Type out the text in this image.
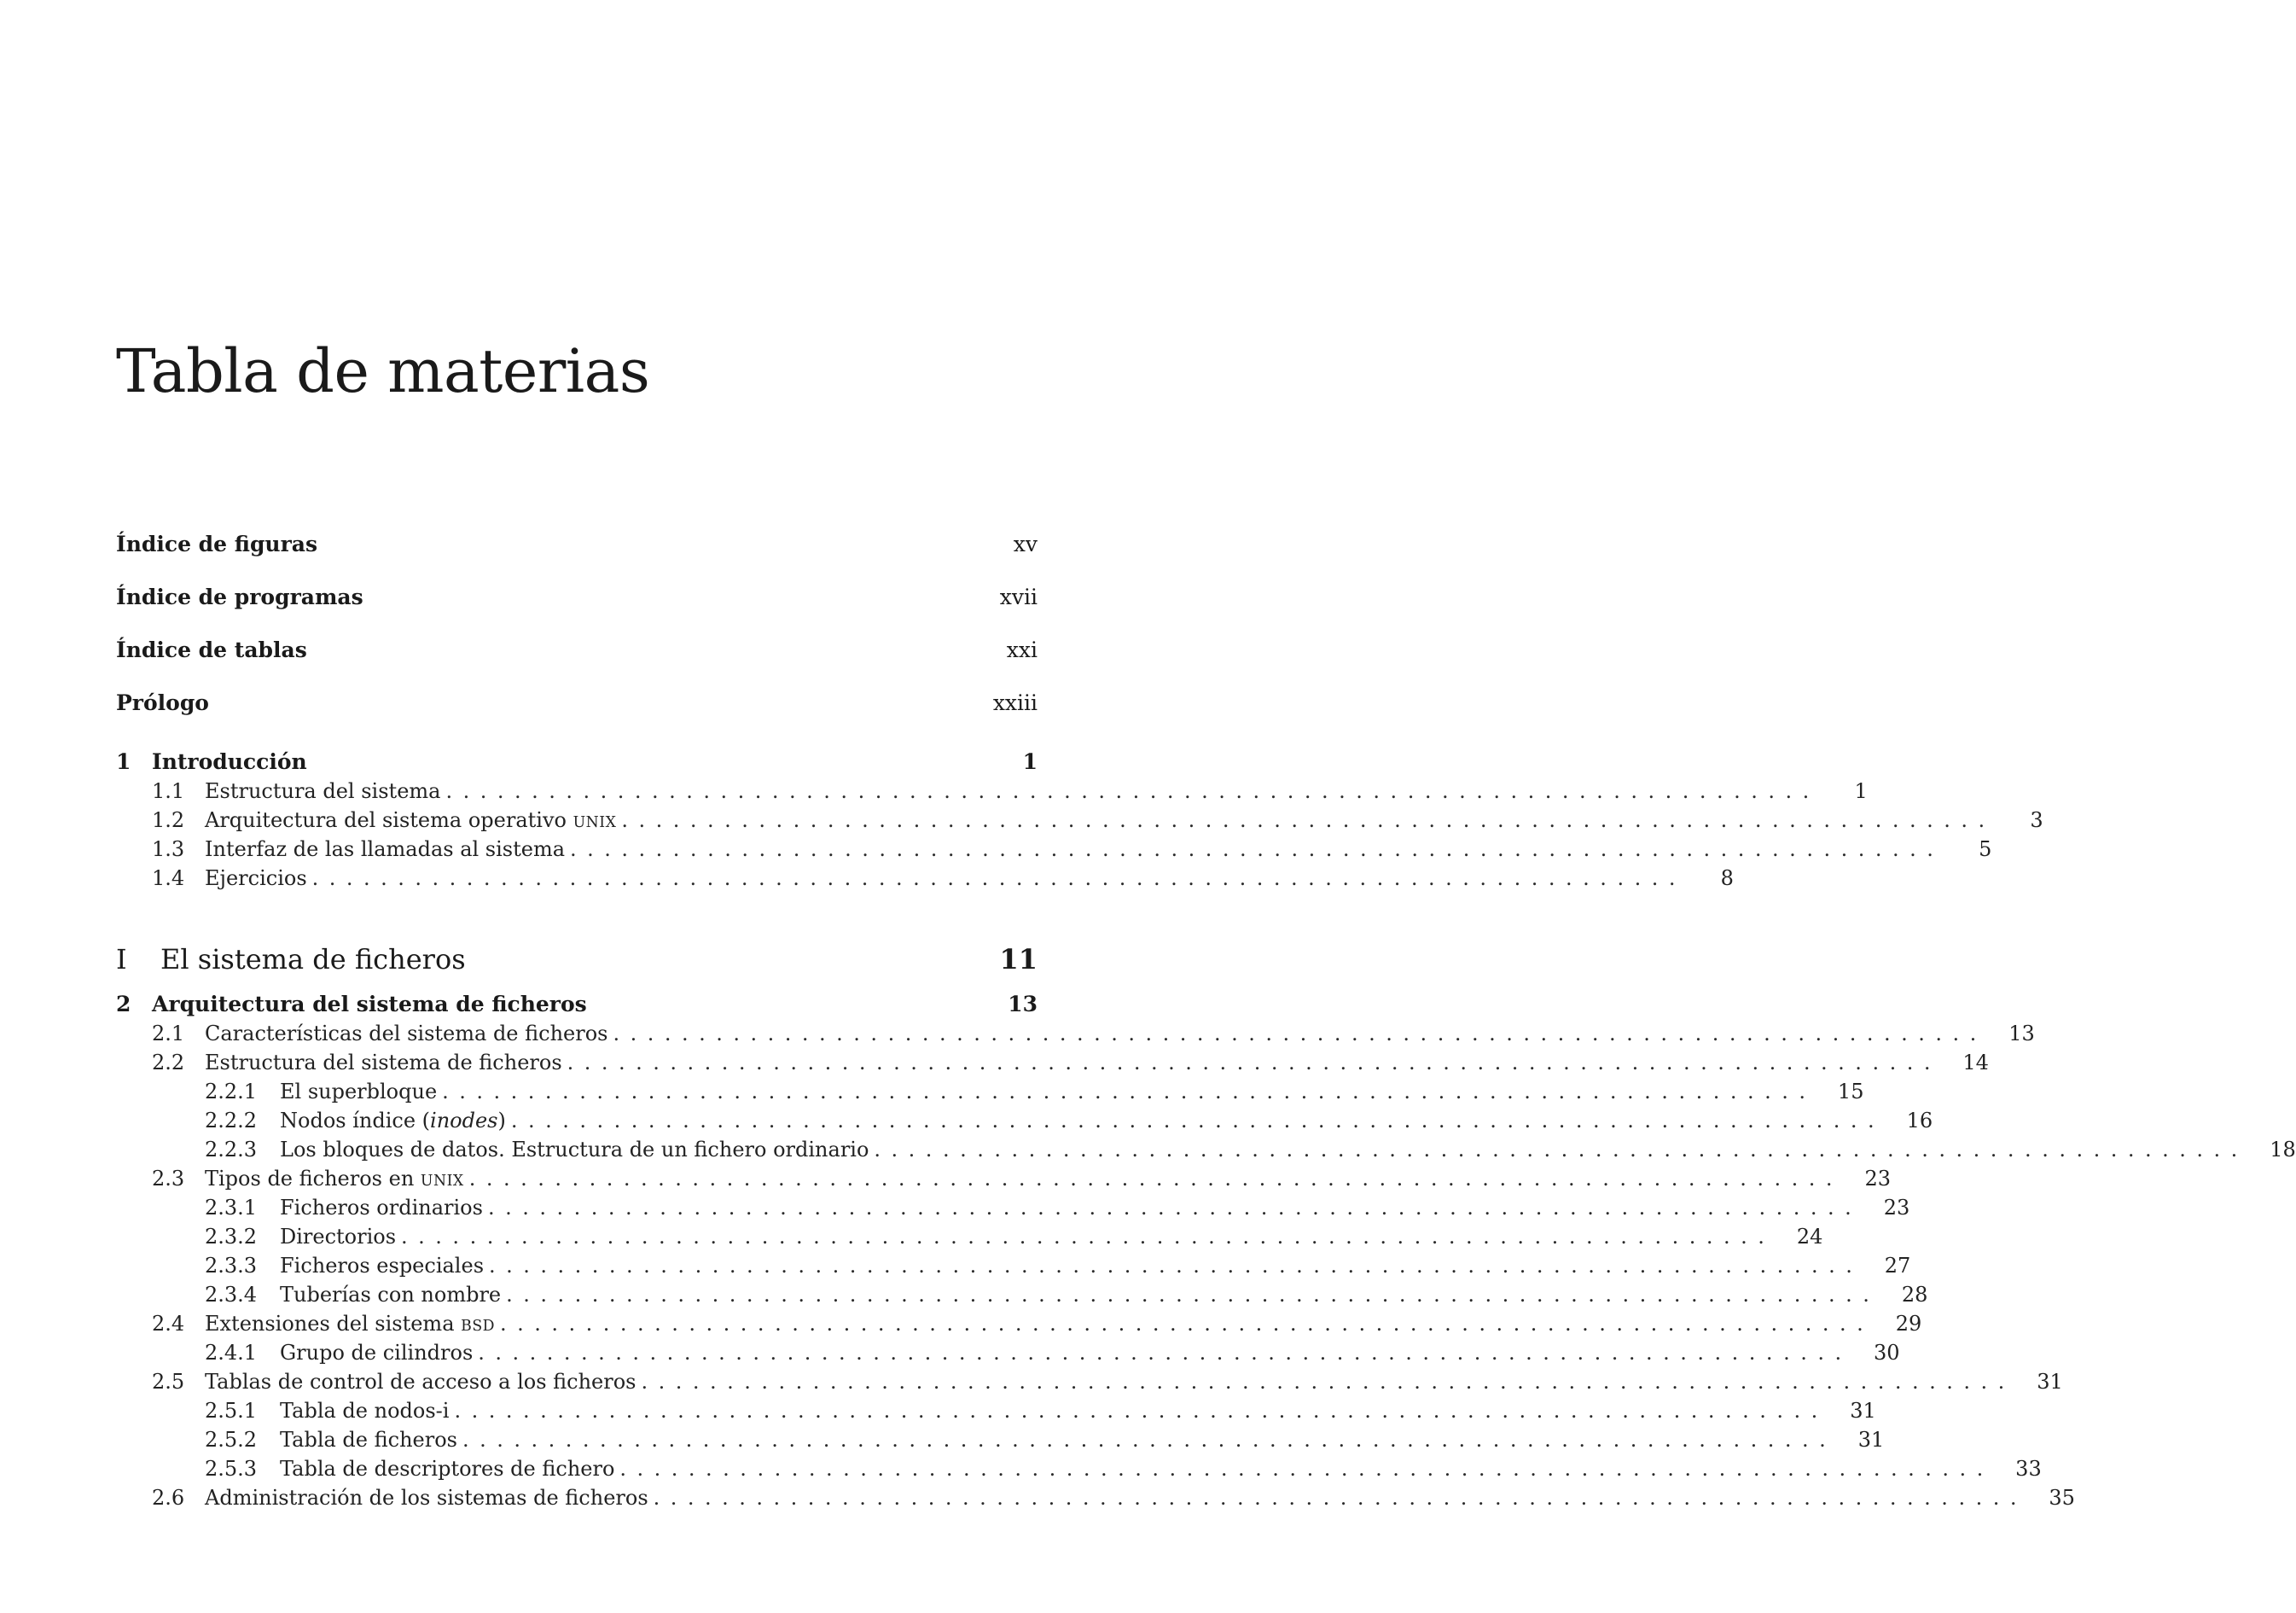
Tabla de materias
Índice de figuras	xv
Índice de programas	xvii
Índice de tablas	xxi
Prólogo	xxiii
1 Introducción	1
1.1 Estructura del sistema ................................................................................	1
1.2 Arquitectura del sistema operativo UNIX ................................................................................	3
1.3 Interfaz de las llamadas al sistema ................................................................................	5
1.4 Ejercicios ................................................................................	8
I	El sistema de ficheros	11
2 Arquitectura del sistema de ficheros	13
2.1 Características del sistema de ficheros ................................................................................	13
2.2 Estructura del sistema de ficheros ................................................................................	14
2.2.1	El superbloque ................................................................................	15
2.2.2	Nodos índice (inodes) ................................................................................	16
2.2.3	Los bloques de datos. Estructura de un fichero ordinario ................................................................................	18
2.3 Tipos de ficheros en UNIX ................................................................................	23
2.3.1	Ficheros ordinarios ................................................................................	23
2.3.2	Directorios ................................................................................	24
2.3.3	Ficheros especiales ................................................................................	27
2.3.4	Tuberías con nombre ................................................................................	28
2.4 Extensiones del sistema BSD ................................................................................	29
2.4.1	Grupo de cilindros ................................................................................	30
2.5 Tablas de control de acceso a los ficheros ................................................................................	31
2.5.1	Tabla de nodos-i ................................................................................	31
2.5.2	Tabla de ficheros ................................................................................	31
2.5.3	Tabla de descriptores de fichero ................................................................................	33
2.6 Administración de los sistemas de ficheros ................................................................................	35
